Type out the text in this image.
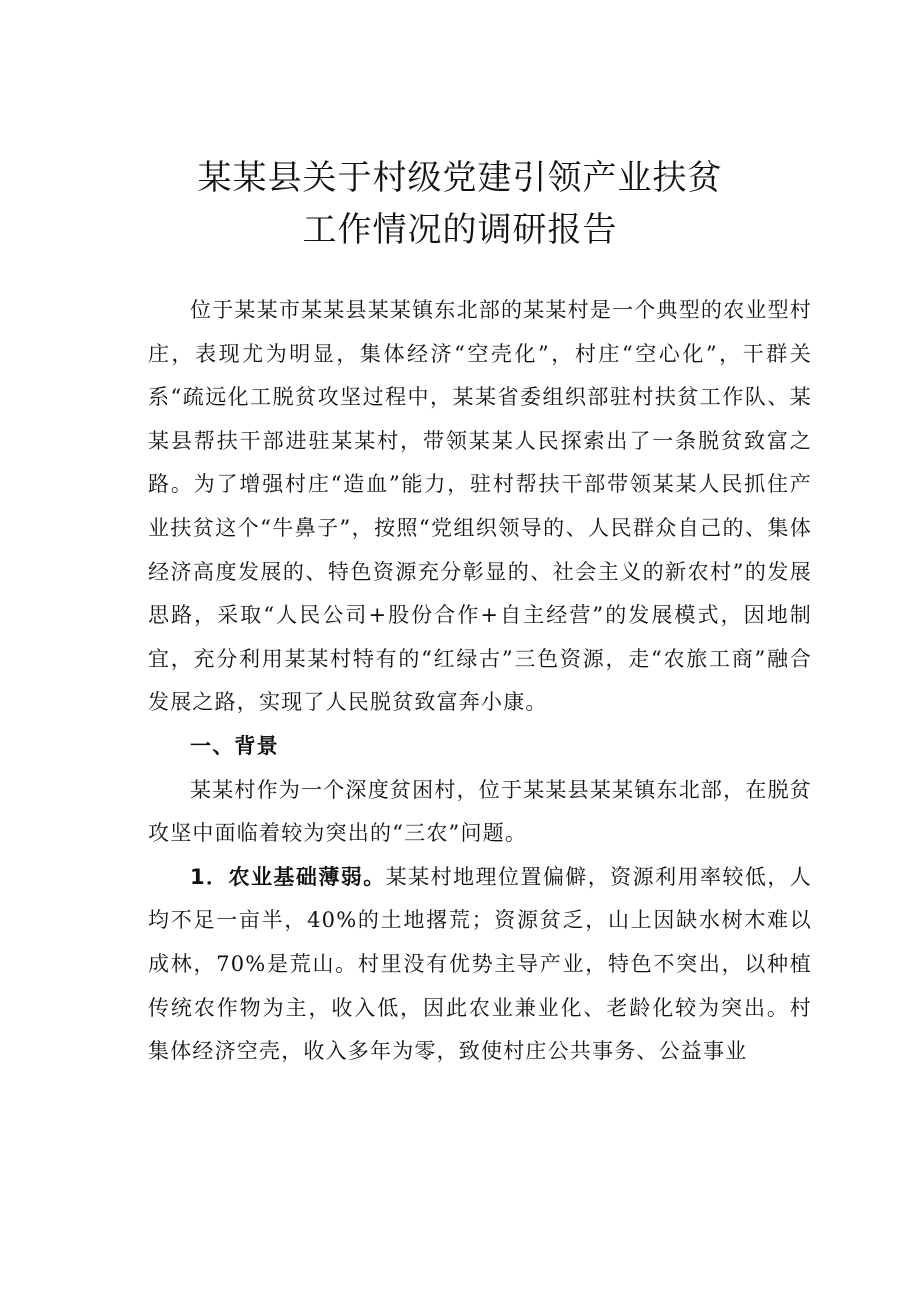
某某县关于村级党建引领产业扶贫
工作情况的调研报告

位于某某市某某县某某镇东北部的某某村是一个典型的农业型村庄，表现尤为明显，集体经济“空壳化”，村庄“空心化”，干群关系“疏远化工脱贫攻坚过程中，某某省委组织部驻村扶贫工作队、某某县帮扶干部进驻某某村，带领某某人民探索出了一条脱贫致富之路。为了增强村庄“造血”能力，驻村帮扶干部带领某某人民抓住产业扶贫这个“牛鼻子”，按照“党组织领导的、人民群众自己的、集体经济高度发展的、特色资源充分彰显的、社会主义的新农村”的发展思路，采取“人民公司+股份合作+自主经营”的发展模式，因地制宜，充分利用某某村特有的“红绿古”三色资源，走“农旅工商”融合发展之路，实现了人民脱贫致富奔小康。

一、背景

某某村作为一个深度贫困村，位于某某县某某镇东北部，在脱贫攻坚中面临着较为突出的“三农”问题。

1．农业基础薄弱。某某村地理位置偏僻，资源利用率较低，人均不足一亩半，40%的土地撂荒；资源贫乏，山上因缺水树木难以成林，70%是荒山。村里没有优势主导产业，特色不突出，以种植传统农作物为主，收入低，因此农业兼业化、老龄化较为突出。村集体经济空壳，收入多年为零，致使村庄公共事务、公益事业
